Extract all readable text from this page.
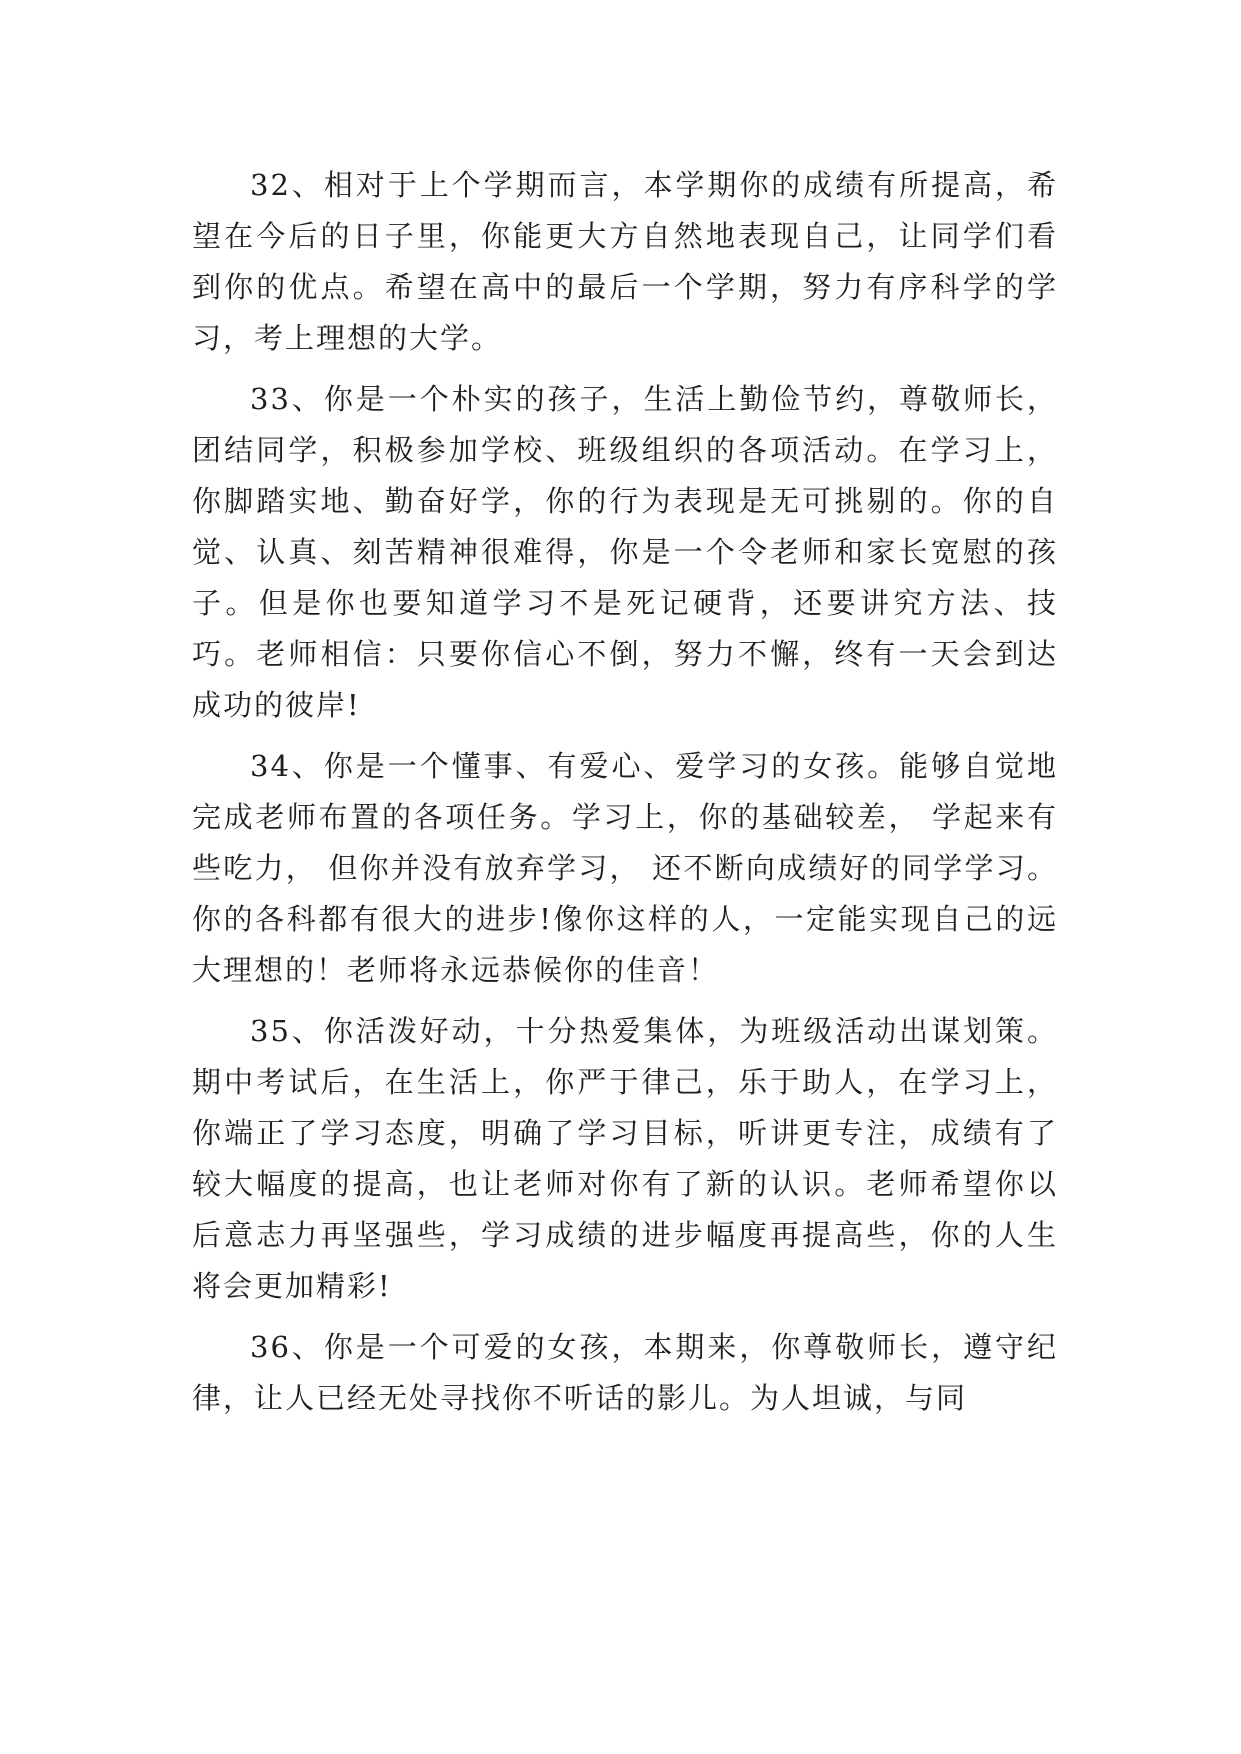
32、相对于上个学期而言，本学期你的成绩有所提高，希望在今后的日子里，你能更大方自然地表现自己，让同学们看到你的优点。希望在高中的最后一个学期，努力有序科学的学习，考上理想的大学。

33、你是一个朴实的孩子，生活上勤俭节约，尊敬师长，团结同学，积极参加学校、班级组织的各项活动。在学习上，你脚踏实地、勤奋好学，你的行为表现是无可挑剔的。你的自觉、认真、刻苦精神很难得，你是一个令老师和家长宽慰的孩子。但是你也要知道学习不是死记硬背，还要讲究方法、技巧。老师相信：只要你信心不倒，努力不懈，终有一天会到达成功的彼岸!

34、你是一个懂事、有爱心、爱学习的女孩。能够自觉地完成老师布置的各项任务。学习上，你的基础较差， 学起来有些吃力， 但你并没有放弃学习， 还不断向成绩好的同学学习。你的各科都有很大的进步!像你这样的人，一定能实现自己的远大理想的！老师将永远恭候你的佳音！

35、你活泼好动，十分热爱集体，为班级活动出谋划策。期中考试后，在生活上，你严于律己，乐于助人，在学习上，你端正了学习态度，明确了学习目标，听讲更专注，成绩有了较大幅度的提高，也让老师对你有了新的认识。老师希望你以后意志力再坚强些，学习成绩的进步幅度再提高些，你的人生将会更加精彩!

36、你是一个可爱的女孩，本期来，你尊敬师长，遵守纪律，让人已经无处寻找你不听话的影儿。为人坦诚，与同
